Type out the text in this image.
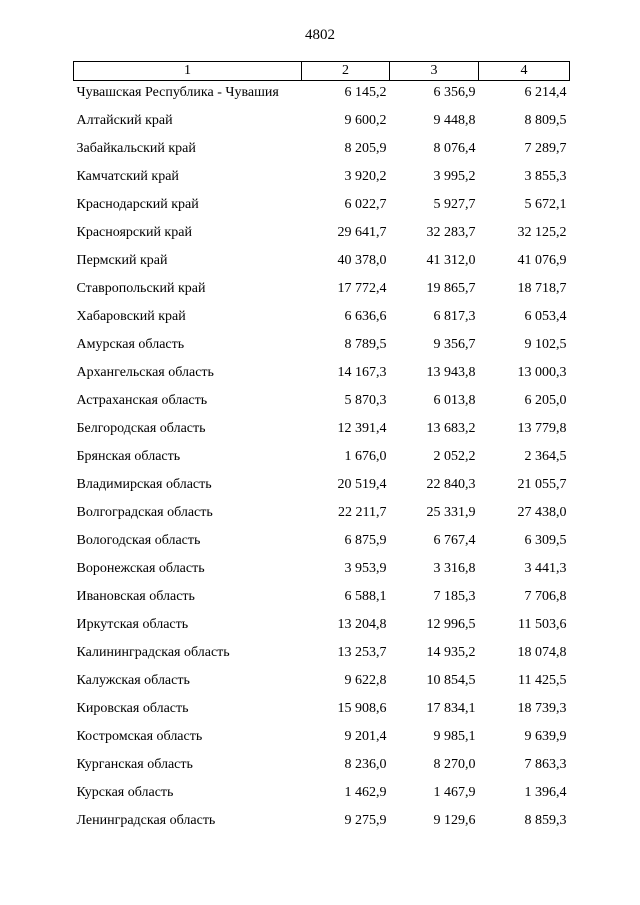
4802
1	2	3	4
Чувашская Республика - Чувашия	6 145,2	6 356,9	6 214,4
Алтайский край	9 600,2	9 448,8	8 809,5
Забайкальский край	8 205,9	8 076,4	7 289,7
Камчатский край	3 920,2	3 995,2	3 855,3
Краснодарский край	6 022,7	5 927,7	5 672,1
Красноярский край	29 641,7	32 283,7	32 125,2
Пермский край	40 378,0	41 312,0	41 076,9
Ставропольский край	17 772,4	19 865,7	18 718,7
Хабаровский край	6 636,6	6 817,3	6 053,4
Амурская область	8 789,5	9 356,7	9 102,5
Архангельская область	14 167,3	13 943,8	13 000,3
Астраханская область	5 870,3	6 013,8	6 205,0
Белгородская область	12 391,4	13 683,2	13 779,8
Брянская область	1 676,0	2 052,2	2 364,5
Владимирская область	20 519,4	22 840,3	21 055,7
Волгоградская область	22 211,7	25 331,9	27 438,0
Вологодская область	6 875,9	6 767,4	6 309,5
Воронежская область	3 953,9	3 316,8	3 441,3
Ивановская область	6 588,1	7 185,3	7 706,8
Иркутская область	13 204,8	12 996,5	11 503,6
Калининградская область	13 253,7	14 935,2	18 074,8
Калужская область	9 622,8	10 854,5	11 425,5
Кировская область	15 908,6	17 834,1	18 739,3
Костромская область	9 201,4	9 985,1	9 639,9
Курганская область	8 236,0	8 270,0	7 863,3
Курская область	1 462,9	1 467,9	1 396,4
Ленинградская область	9 275,9	9 129,6	8 859,3
